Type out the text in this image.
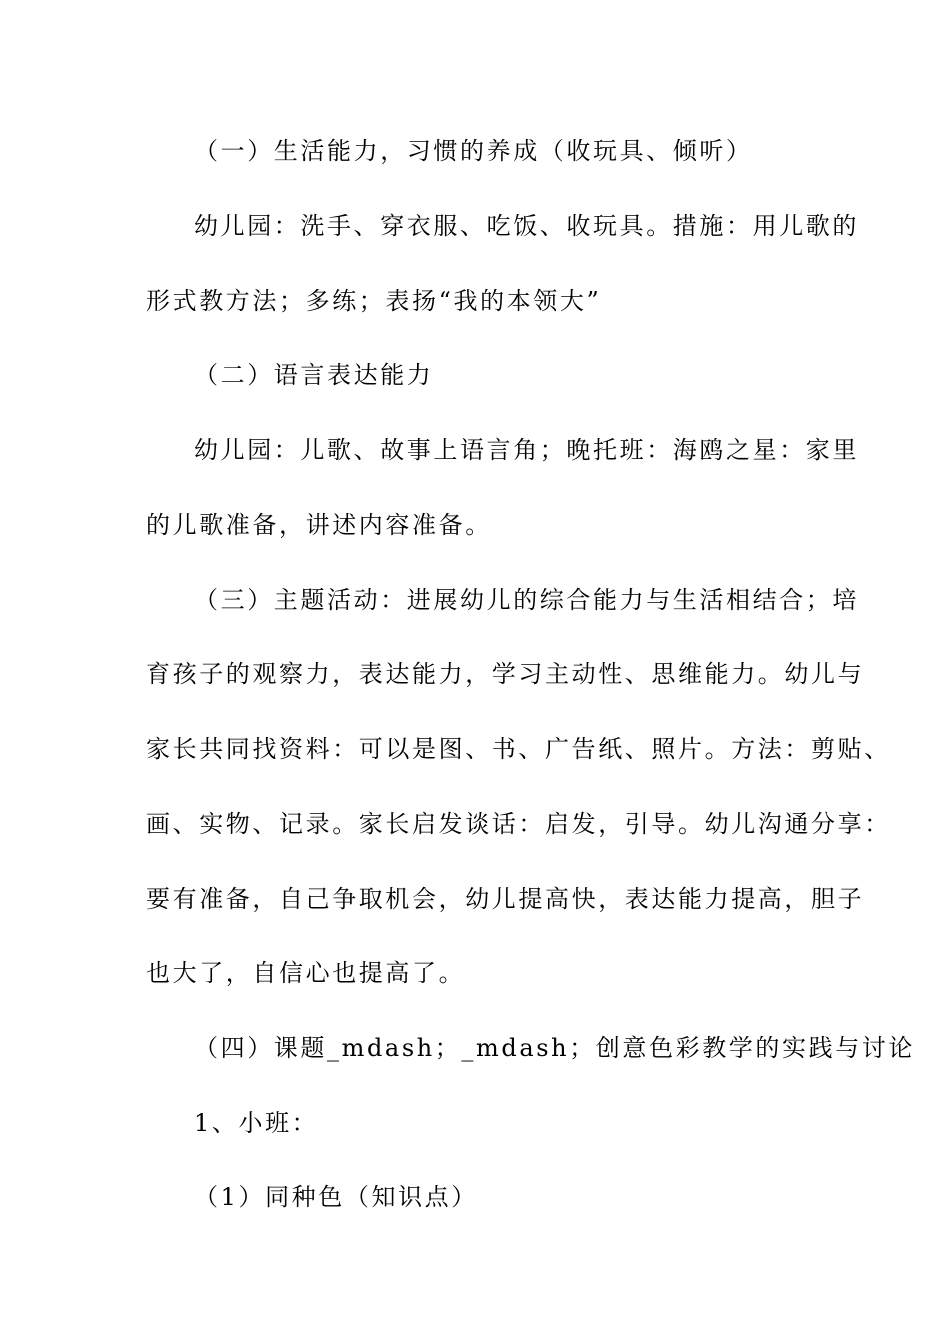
（一）生活能力，习惯的养成（收玩具、倾听）
幼儿园：洗手、穿衣服、吃饭、收玩具。措施：用儿歌的
形式教方法；多练；表扬“我的本领大”
（二）语言表达能力
幼儿园：儿歌、故事上语言角；晚托班：海鸥之星：家里
的儿歌准备，讲述内容准备。
（三）主题活动：进展幼儿的综合能力与生活相结合；培
育孩子的观察力，表达能力，学习主动性、思维能力。幼儿与
家长共同找资料：可以是图、书、广告纸、照片。方法：剪贴、
画、实物、记录。家长启发谈话：启发，引导。幼儿沟通分享：
要有准备，自己争取机会，幼儿提高快，表达能力提高，胆子
也大了，自信心也提高了。
（四）课题_mdash；_mdash；创意色彩教学的实践与讨论
1、小班：
（1）同种色（知识点）
